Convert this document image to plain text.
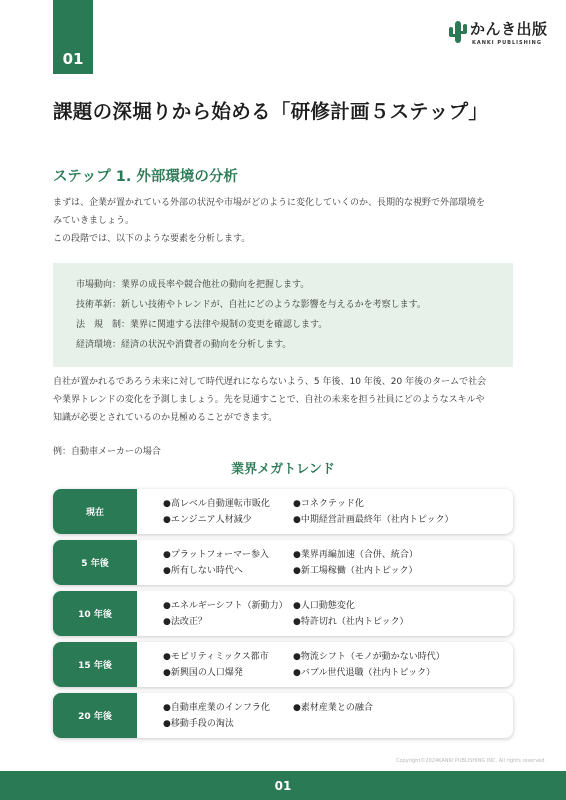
01
かんき出版
KANKI PUBLISHING
課題の深堀りから始める「研修計画５ステップ」
ステップ 1. 外部環境の分析

まずは、企業が置かれている外部の状況や市場がどのように変化していくのか、長期的な視野で外部環境を
みていきましょう。
この段階では、以下のような要素を分析します。

市場動向：業界の成長率や競合他社の動向を把握します。
技術革新：新しい技術やトレンドが、自社にどのような影響を与えるかを考察します。
法　規　制：業界に関連する法律や規制の変更を確認します。
経済環境：経済の状況や消費者の動向を分析します。

自社が置かれるであろう未来に対して時代遅れにならないよう、5 年後、10 年後、20 年後のタームで社会
や業界トレンドの変化を予測しましょう。先を見通すことで、自社の未来を担う社員にどのようなスキルや
知識が必要とされているのか見極めることができます。

例：自動車メーカーの場合

業界メガトレンド
現在
●高レベル自動運転市販化	●コネクテッド化
●エンジニア人材減少	●中期経営計画最終年（社内トピック）
5 年後
●プラットフォーマー参入	●業界再編加速（合併、統合）
●所有しない時代へ	●新工場稼働（社内トピック）
10 年後
●エネルギーシフト（新動力） ●人口動態変化
●法改正？	●特許切れ（社内トピック）
15 年後
●モビリティミックス都市	●物流シフト（モノが動かない時代）
●新興国の人口爆発	●バブル世代退職（社内トピック）
20 年後
●自動車産業のインフラ化	●素材産業との融合
●移動手段の淘汰
Copyright©2024KANKI PUBLISHING INC. All rights reserved.
01
